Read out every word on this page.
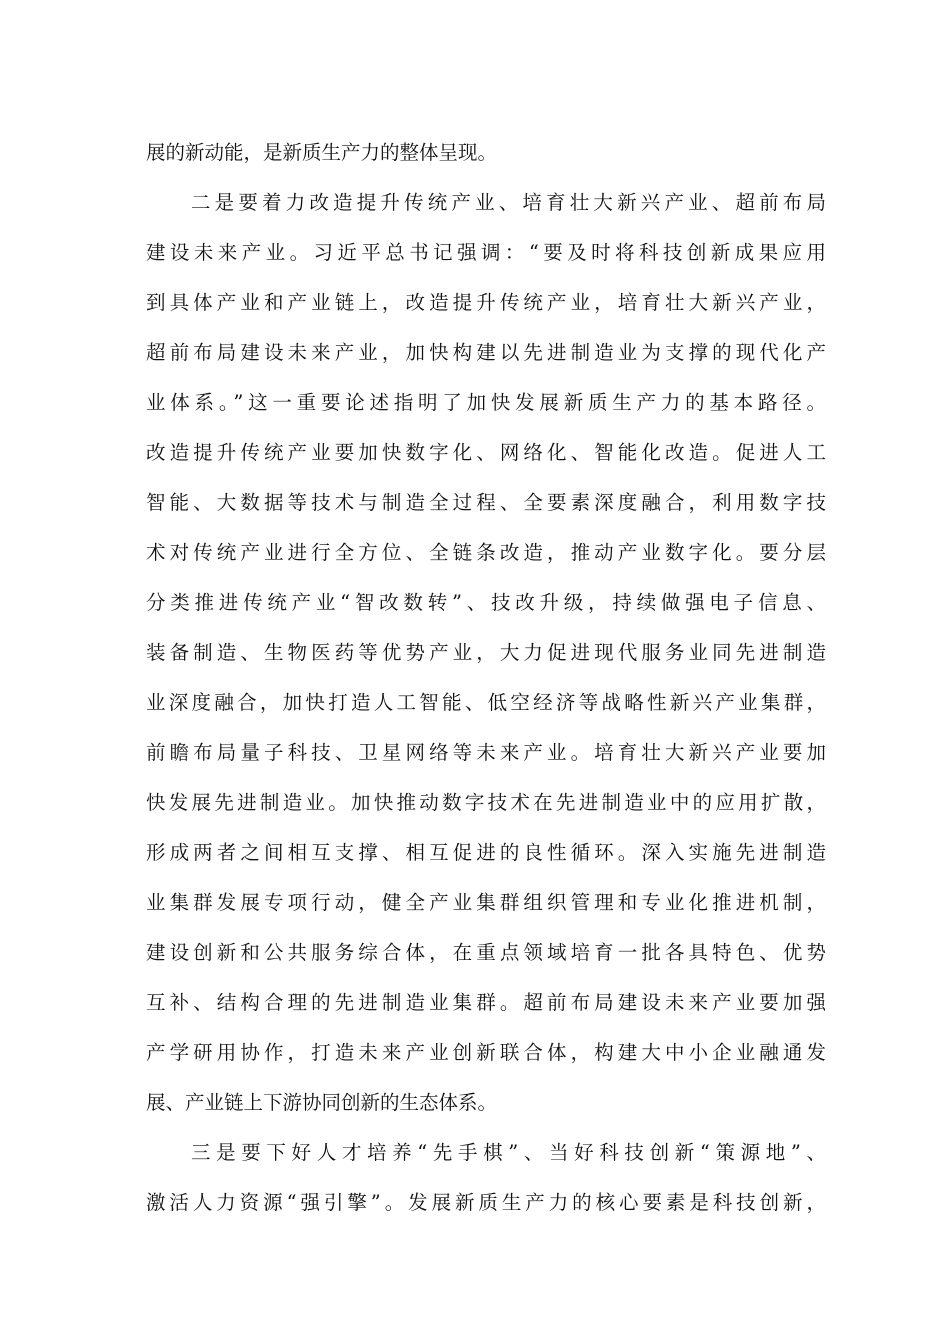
展的新动能，是新质生产力的整体呈现。
二是要着力改造提升传统产业、培育壮大新兴产业、超前布局
建设未来产业。习近平总书记强调：“要及时将科技创新成果应用
到具体产业和产业链上，改造提升传统产业，培育壮大新兴产业，
超前布局建设未来产业，加快构建以先进制造业为支撑的现代化产
业体系。”这一重要论述指明了加快发展新质生产力的基本路径。
改造提升传统产业要加快数字化、网络化、智能化改造。促进人工
智能、大数据等技术与制造全过程、全要素深度融合，利用数字技
术对传统产业进行全方位、全链条改造，推动产业数字化。要分层
分类推进传统产业“智改数转”、技改升级，持续做强电子信息、
装备制造、生物医药等优势产业，大力促进现代服务业同先进制造
业深度融合，加快打造人工智能、低空经济等战略性新兴产业集群，
前瞻布局量子科技、卫星网络等未来产业。培育壮大新兴产业要加
快发展先进制造业。加快推动数字技术在先进制造业中的应用扩散，
形成两者之间相互支撑、相互促进的良性循环。深入实施先进制造
业集群发展专项行动，健全产业集群组织管理和专业化推进机制，
建设创新和公共服务综合体，在重点领域培育一批各具特色、优势
互补、结构合理的先进制造业集群。超前布局建设未来产业要加强
产学研用协作，打造未来产业创新联合体，构建大中小企业融通发
展、产业链上下游协同创新的生态体系。
三是要下好人才培养“先手棋”、当好科技创新“策源地”、
激活人力资源“强引擎”。发展新质生产力的核心要素是科技创新，
